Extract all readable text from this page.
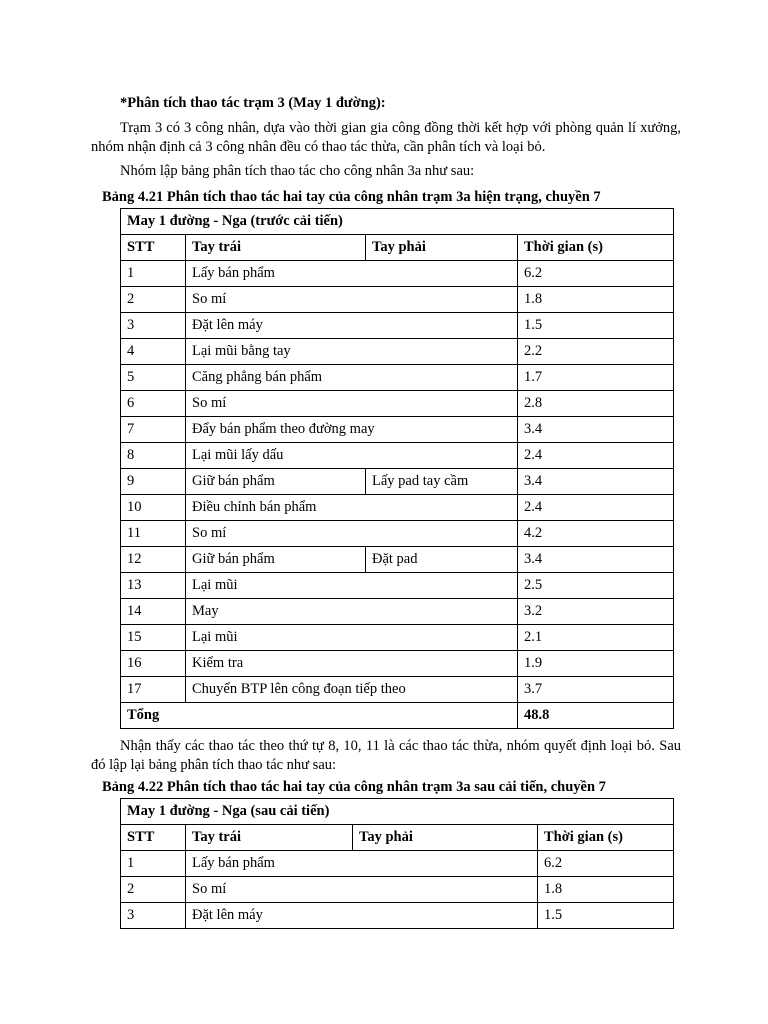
*Phân tích thao tác trạm 3 (May 1 đường):
Trạm 3 có 3 công nhân, dựa vào thời gian gia công đồng thời kết hợp với phòng quản lí xưởng, nhóm nhận định cả 3 công nhân đều có thao tác thừa, cần phân tích và loại bỏ.
Nhóm lập bảng phân tích thao tác cho công nhân 3a như sau:
Bảng 4.21 Phân tích thao tác hai tay của công nhân trạm 3a hiện trạng, chuyền 7
May 1 đường - Nga (trước cải tiến)			
STT	Tay trái	Tay phải	Thời gian (s)
1	Lấy bán phẩm		6.2
2	So mí		1.8
3	Đặt lên máy		1.5
4	Lại mũi bằng tay		2.2
5	Căng phẳng bán phẩm		1.7
6	So mí		2.8
7	Đẩy bán phẩm theo đường may		3.4
8	Lại mũi lấy dấu		2.4
9	Giữ bán phẩm	Lấy pad tay cầm	3.4
10	Điều chỉnh bán phẩm		2.4
11	So mí		4.2
12	Giữ bán phẩm	Đặt pad	3.4
13	Lại mũi		2.5
14	May		3.2
15	Lại mũi		2.1
16	Kiểm tra		1.9
17	Chuyển BTP lên công đoạn tiếp theo		3.7
Tổng			48.8
Nhận thấy các thao tác theo thứ tự 8, 10, 11 là các thao tác thừa, nhóm quyết định loại bỏ. Sau đó lập lại bảng phân tích thao tác như sau:
Bảng 4.22 Phân tích thao tác hai tay của công nhân trạm 3a sau cải tiến, chuyền 7
May 1 đường - Nga (sau cải tiến)			
STT	Tay trái	Tay phải	Thời gian (s)
1	Lấy bán phẩm		6.2
2	So mí		1.8
3	Đặt lên máy		1.5
